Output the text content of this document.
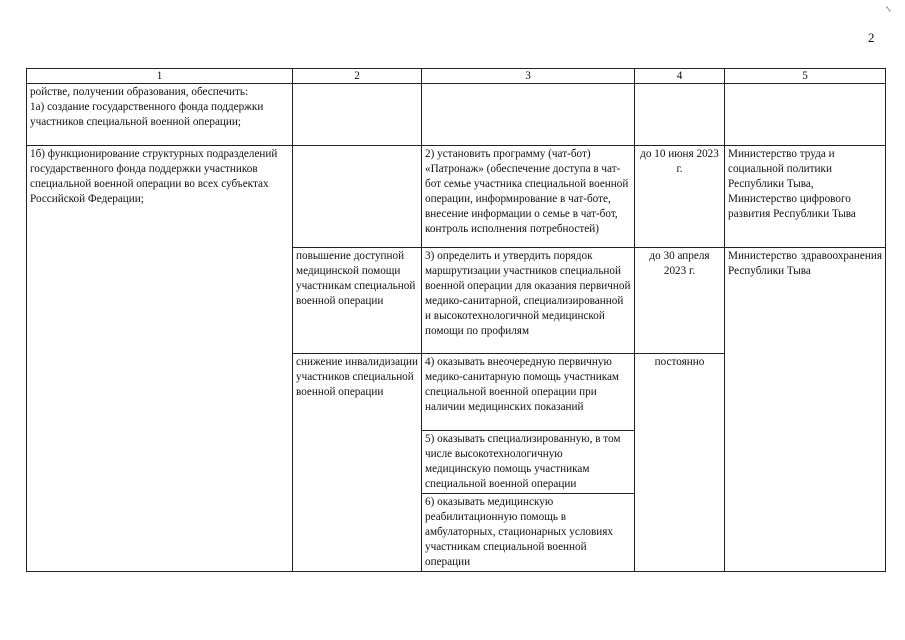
2
1
1	2	3	4	5
ройстве, получении образования, обеспечить:
1а) создание государственного фонда поддержки участников специальной военной операции;				
1б) функционирование структурных подразделений государственного фонда поддержки участников специальной военной операции во всех субъектах Российской Федерации;		2) установить программу (чат-бот) «Патронаж» (обеспечение доступа в чат-бот семье участника специальной военной операции, информирование в чат-боте, внесение информации о семье в чат-бот, контроль исполнения потребностей)	до 10 июня 2023 г.	Министерство труда и социальной политики Республики Тыва, Министерство цифрового развития Республики Тыва
	повышение доступной медицинской помощи участникам специальной военной операции	3) определить и утвердить порядок маршрутизации участников специальной военной операции для оказания первичной медико-санитарной, специализированной и высокотехнологичной медицинской помощи по профилям	до 30 апреля 2023 г.	Министерство здравоохранения Республики Тыва
	снижение инвалидизации участников специальной военной операции	4) оказывать внеочередную первичную медико-санитарную помощь участникам специальной военной операции при наличии медицинских показаний	постоянно	
		5) оказывать специализированную, в том числе высокотехнологичную медицинскую помощь участникам специальной военной операции		
		6) оказывать медицинскую реабилитационную помощь в амбулаторных, стационарных условиях участникам специальной военной операции		
